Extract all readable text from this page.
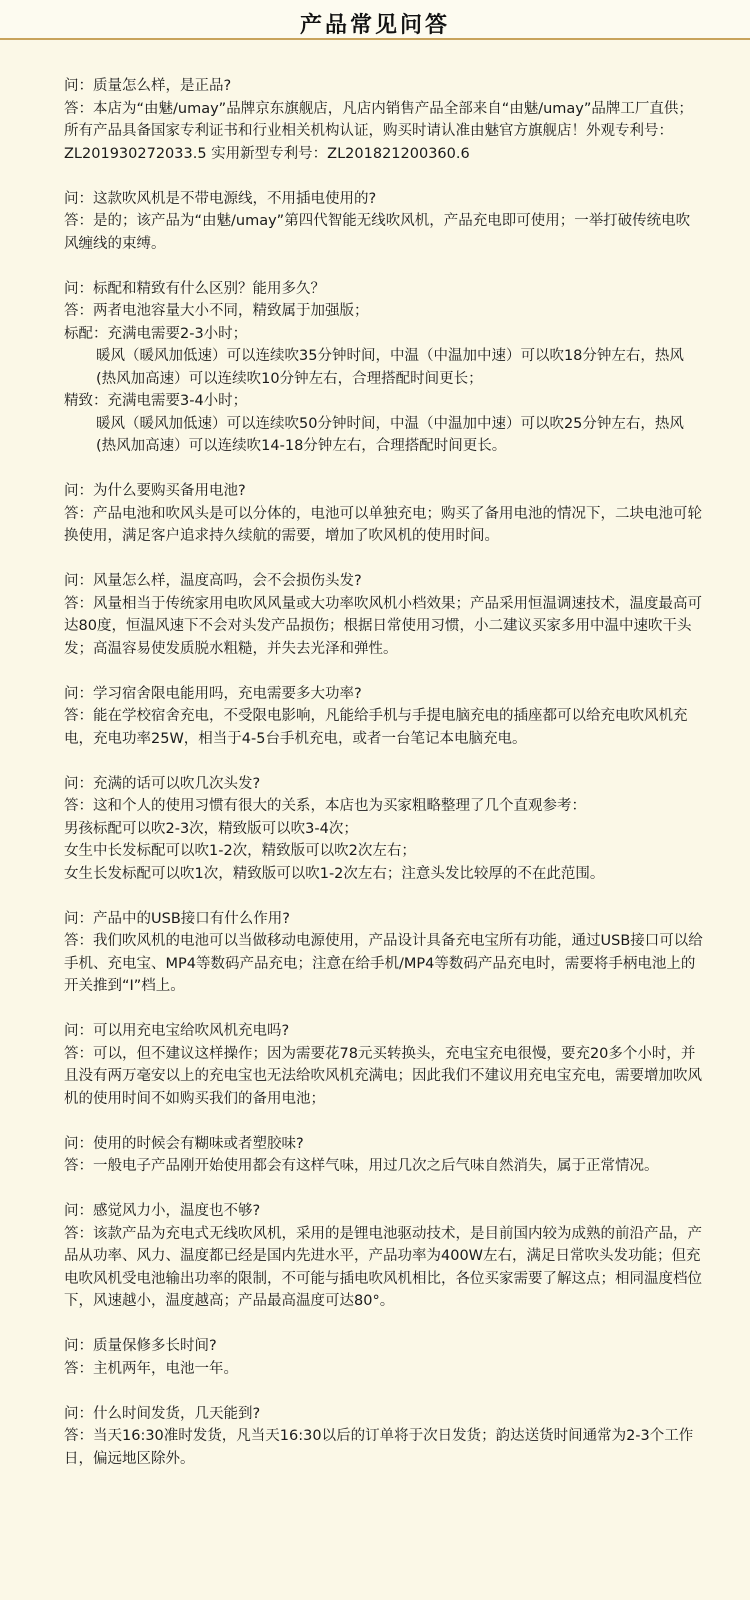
产品常见问答
问：质量怎么样，是正品?
答：本店为“由魅/umay”品牌京东旗舰店，凡店内销售产品全部来自“由魅/umay”品牌工厂直供；所有产品具备国家专利证书和行业相关机构认证，购买时请认准由魅官方旗舰店！外观专利号：ZL201930272033.5 实用新型专利号：ZL201821200360.6
问：这款吹风机是不带电源线，不用插电使用的?
答：是的；该产品为“由魅/umay”第四代智能无线吹风机，产品充电即可使用；一举打破传统电吹风缠线的束缚。
问：标配和精致有什么区别？能用多久？
答：两者电池容量大小不同，精致属于加强版；
标配：充满电需要2-3小时；
暖风（暖风加低速）可以连续吹35分钟时间，中温（中温加中速）可以吹18分钟左右，热风(热风加高速）可以连续吹10分钟左右，合理搭配时间更长；
精致：充满电需要3-4小时；
暖风（暖风加低速）可以连续吹50分钟时间，中温（中温加中速）可以吹25分钟左右，热风(热风加高速）可以连续吹14-18分钟左右，合理搭配时间更长。
问：为什么要购买备用电池?
答：产品电池和吹风头是可以分体的，电池可以单独充电；购买了备用电池的情况下，二块电池可轮换使用，满足客户追求持久续航的需要，增加了吹风机的使用时间。
问：风量怎么样，温度高吗，会不会损伤头发?
答：风量相当于传统家用电吹风风量或大功率吹风机小档效果；产品采用恒温调速技术，温度最高可达80度，恒温风速下不会对头发产品损伤；根据日常使用习惯，小二建议买家多用中温中速吹干头发；高温容易使发质脱水粗糙，并失去光泽和弹性。
问：学习宿舍限电能用吗，充电需要多大功率?
答：能在学校宿舍充电，不受限电影响，凡能给手机与手提电脑充电的插座都可以给充电吹风机充电，充电功率25W，相当于4-5台手机充电，或者一台笔记本电脑充电。
问：充满的话可以吹几次头发?
答：这和个人的使用习惯有很大的关系，本店也为买家粗略整理了几个直观参考：
男孩标配可以吹2-3次，精致版可以吹3-4次；
女生中长发标配可以吹1-2次，精致版可以吹2次左右；
女生长发标配可以吹1次，精致版可以吹1-2次左右；注意头发比较厚的不在此范围。
问：产品中的USB接口有什么作用?
答：我们吹风机的电池可以当做移动电源使用，产品设计具备充电宝所有功能，通过USB接口可以给手机、充电宝、MP4等数码产品充电；注意在给手机/MP4等数码产品充电时，需要将手柄电池上的开关推到“I”档上。
问：可以用充电宝给吹风机充电吗?
答：可以，但不建议这样操作；因为需要花78元买转换头，充电宝充电很慢，要充20多个小时，并且没有两万毫安以上的充电宝也无法给吹风机充满电；因此我们不建议用充电宝充电，需要增加吹风机的使用时间不如购买我们的备用电池；
问：使用的时候会有糊味或者塑胶味?
答：一般电子产品刚开始使用都会有这样气味，用过几次之后气味自然消失，属于正常情况。
问：感觉风力小，温度也不够?
答：该款产品为充电式无线吹风机，采用的是锂电池驱动技术，是目前国内较为成熟的前沿产品，产品从功率、风力、温度都已经是国内先进水平，产品功率为400W左右，满足日常吹头发功能；但充电吹风机受电池输出功率的限制，不可能与插电吹风机相比，各位买家需要了解这点；相同温度档位下，风速越小，温度越高；产品最高温度可达80°。
问：质量保修多长时间?
答：主机两年，电池一年。
问：什么时间发货，几天能到?
答：当天16:30准时发货，凡当天16:30以后的订单将于次日发货；韵达送货时间通常为2-3个工作日，偏远地区除外。
